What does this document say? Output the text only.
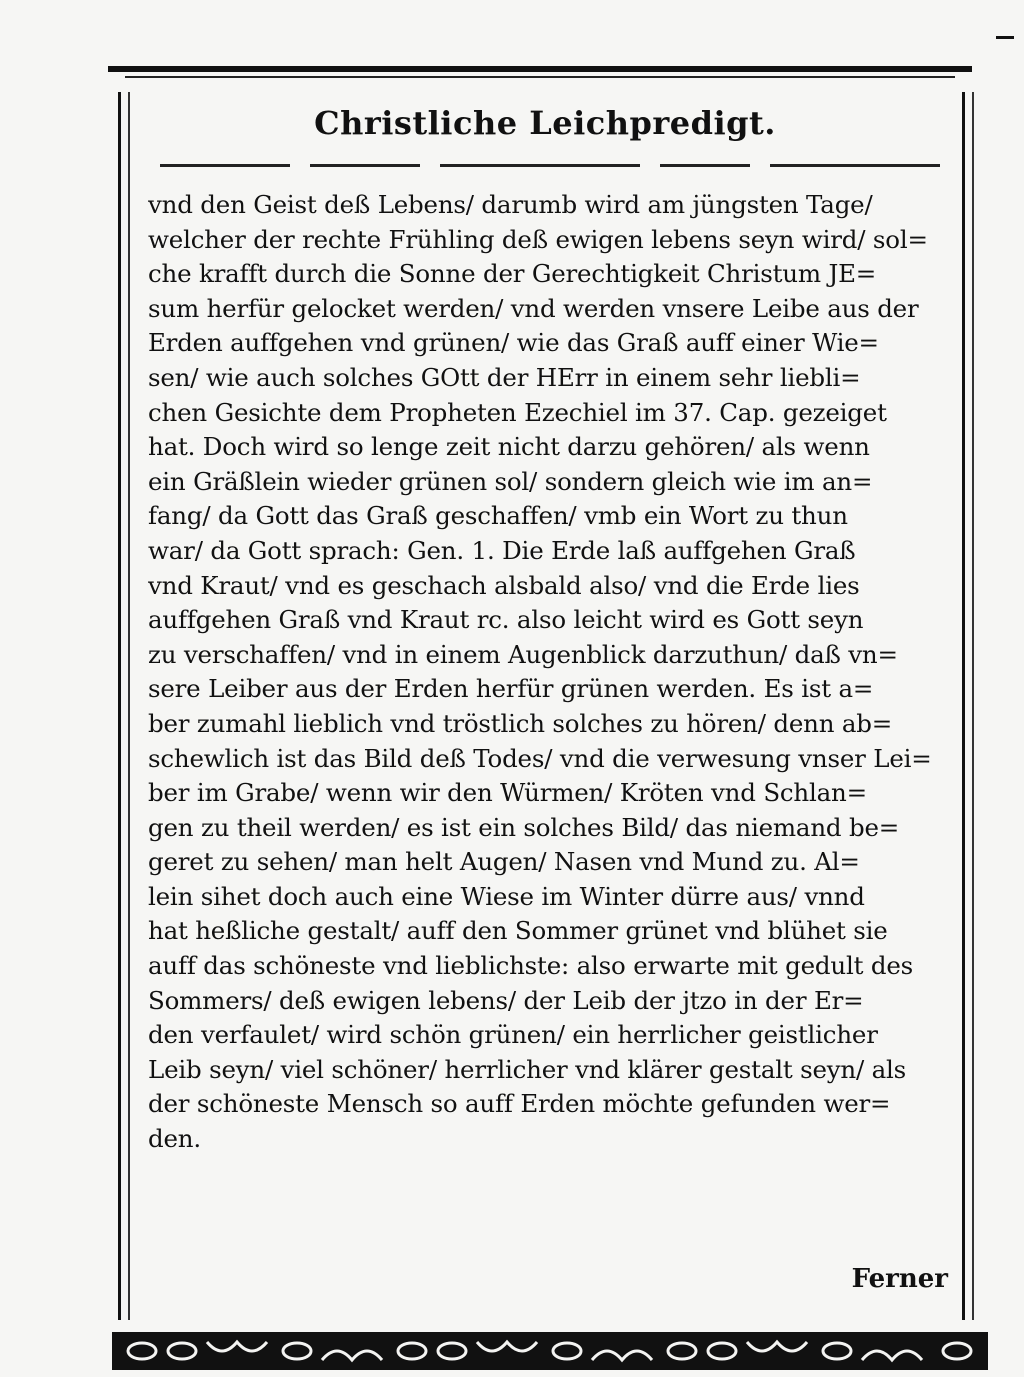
Christliche Leichpredigt.
vnd den Geist deß Lebens/ darumb wird am jüngsten Tage/
welcher der rechte Frühling deß ewigen lebens seyn wird/ sol=
che krafft durch die Sonne der Gerechtigkeit Christum JE=
sum herfür gelocket werden/ vnd werden vnsere Leibe aus der
Erden auffgehen vnd grünen/ wie das Graß auff einer Wie=
sen/ wie auch solches GOtt der HErr in einem sehr liebli=
chen Gesichte dem Propheten Ezechiel im 37. Cap. gezeiget
hat. Doch wird so lenge zeit nicht darzu gehören/ als wenn
ein Gräßlein wieder grünen sol/ sondern gleich wie im an=
fang/ da Gott das Graß geschaffen/ vmb ein Wort zu thun
war/ da Gott sprach: Gen. 1. Die Erde laß auffgehen Graß
vnd Kraut/ vnd es geschach alsbald also/ vnd die Erde lies
auffgehen Graß vnd Kraut rc. also leicht wird es Gott seyn
zu verschaffen/ vnd in einem Augenblick darzuthun/ daß vn=
sere Leiber aus der Erden herfür grünen werden. Es ist a=
ber zumahl lieblich vnd tröstlich solches zu hören/ denn ab=
schewlich ist das Bild deß Todes/ vnd die verwesung vnser Lei=
ber im Grabe/ wenn wir den Würmen/ Kröten vnd Schlan=
gen zu theil werden/ es ist ein solches Bild/ das niemand be=
geret zu sehen/ man helt Augen/ Nasen vnd Mund zu. Al=
lein sihet doch auch eine Wiese im Winter dürre aus/ vnnd
hat heßliche gestalt/ auff den Sommer grünet vnd blühet sie
auff das schöneste vnd lieblichste: also erwarte mit gedult des
Sommers/ deß ewigen lebens/ der Leib der jtzo in der Er=
den verfaulet/ wird schön grünen/ ein herrlicher geistlicher
Leib seyn/ viel schöner/ herrlicher vnd klärer gestalt seyn/ als
der schöneste Mensch so auff Erden möchte gefunden wer=
den.
Ferner
